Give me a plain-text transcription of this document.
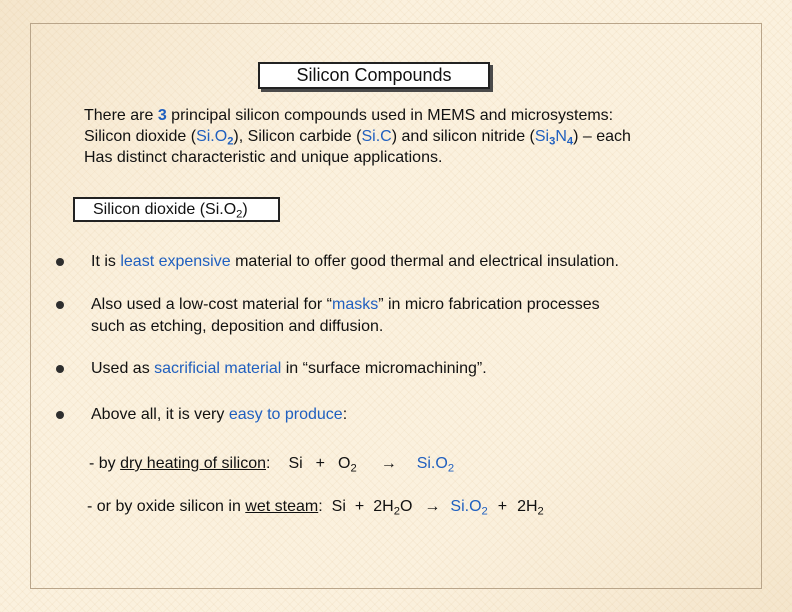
Silicon Compounds
There are 3 principal silicon compounds used in MEMS and microsystems:
Silicon dioxide $(Si.O_2)$, Silicon carbide (Si.C) and silicon nitride $(Si_3N_4)$ – each
Has distinct characteristic and unique applications.
Silicon dioxide $(Si.O_2)$
It is least expensive material to offer good thermal and electrical insulation.
Also used a low-cost material for “masks” in micro fabrication processes
such as etching, deposition and diffusion.
Used as sacrificial material in “surface micromachining”.
Above all, it is very easy to produce:
- by dry heating of silicon: $Si + O_2 \to Si.O_2$
- or by oxide silicon in wet steam: $Si + 2H_2O \to Si.O_2 + 2H_2$
